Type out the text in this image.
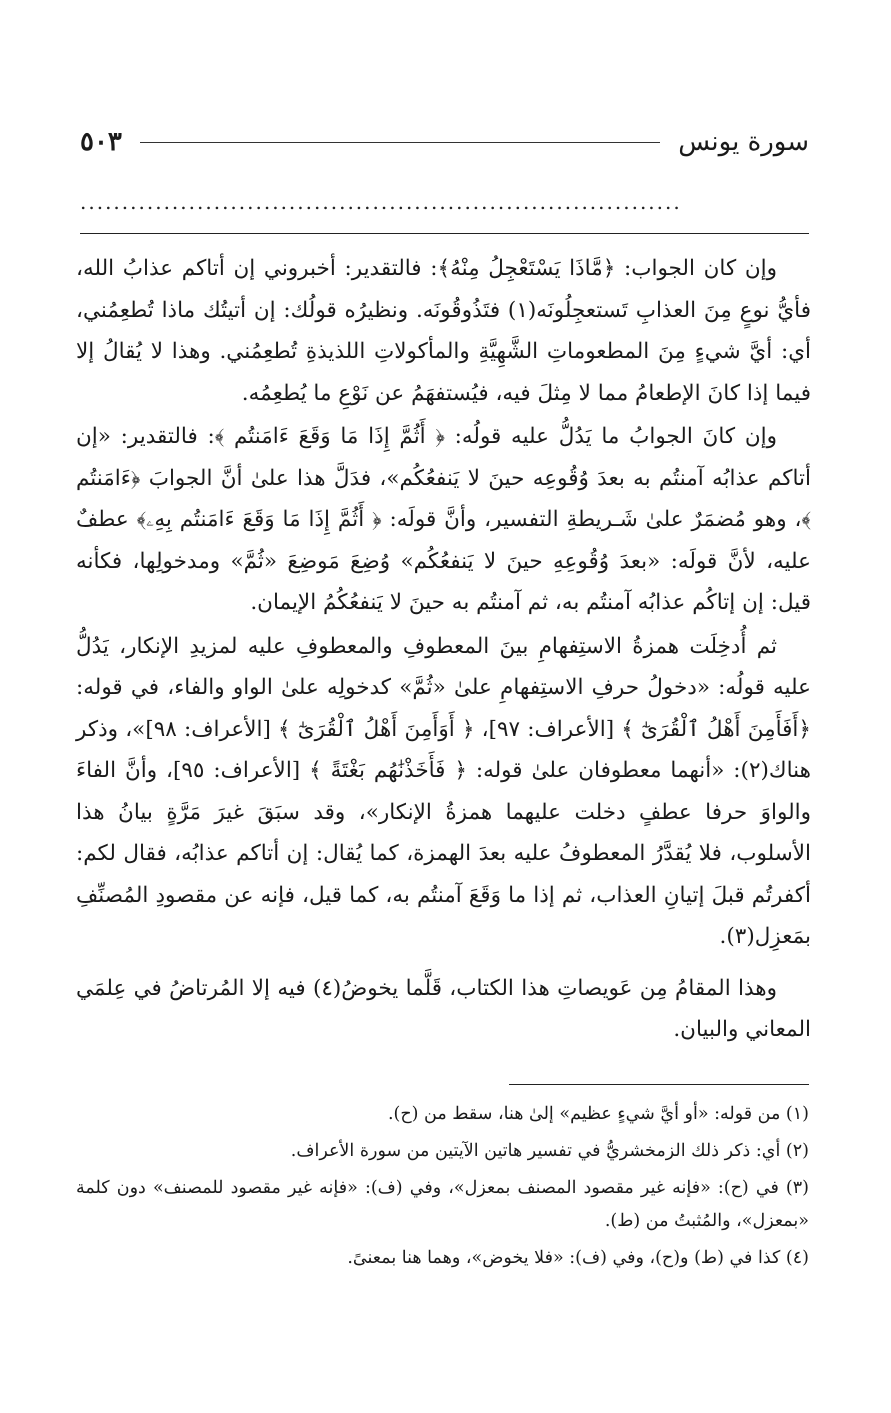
سورة يونس
٥٠٣
........................................................................

وإن كان الجواب: ﴿مَّاذَا يَسْتَعْجِلُ مِنْهُ﴾: فالتقدير: أخبروني إن أتاكم عذابُ الله، فأيُّ نوعٍ مِنَ العذابِ تَستعجِلُونَه(١) فتَذُوقُونَه. ونظيرُه قولُك: إن أتيتُك ماذا تُطعِمُني، أي: أيَّ شيءٍ مِنَ المطعوماتِ الشَّهِيَّةِ والمأكولاتِ اللذيذةِ تُطعِمُني. وهذا لا يُقالُ إلا فيما إذا كانَ الإطعامُ مما لا مِثلَ فيه، فيُستفهَمُ عن نَوْعِ ما يُطعِمُه.

وإن كانَ الجوابُ ما يَدُلُّ عليه قولُه: ﴿ أَثُمَّ إِذَا مَا وَقَعَ ءَامَنتُم ﴾: فالتقدير: «إن أتاكم عذابُه آمنتُم به بعدَ وُقُوعِه حينَ لا يَنفعُكُم»، فدَلَّ هذا علىٰ أنَّ الجوابَ ﴿ءَامَنتُم ﴾، وهو مُضمَرٌ علىٰ شَـريطةِ التفسير، وأنَّ قولَه: ﴿ أَثُمَّ إِذَا مَا وَقَعَ ءَامَنتُم بِهِۦ﴾ عطفٌ عليه، لأنَّ قولَه: «بعدَ وُقُوعِهِ حينَ لا يَنفعُكُم» وُضِعَ مَوضِعَ «ثُمَّ» ومدخولِها، فكأنه قيل: إن إتاكُم عذابُه آمنتُم به، ثم آمنتُم به حينَ لا يَنفعُكُمُ الإيمان.

ثم أُدخِلَت همزةُ الاستِفهامِ بينَ المعطوفِ والمعطوفِ عليه لمزيدِ الإنكار، يَدُلُّ عليه قولُه: «دخولُ حرفِ الاستِفهامِ علىٰ «ثُمَّ» كدخولِه علىٰ الواو والفاء، في قوله: ﴿أَفَأَمِنَ أَهْلُ ٱلْقُرَىٰٓ ﴾ [الأعراف: ٩٧]، ﴿ أَوَأَمِنَ أَهْلُ ٱلْقُرَىٰٓ ﴾ [الأعراف: ٩٨]»، وذكر هناك(٢): «أنهما معطوفان علىٰ قوله: ﴿ فَأَخَذْنَٰهُم بَغْتَةً ﴾ [الأعراف: ٩٥]، وأنَّ الفاءَ والواوَ حرفا عطفٍ دخلت عليهما همزةُ الإنكار»، وقد سبَقَ غيرَ مَرَّةٍ بيانُ هذا الأسلوب، فلا يُقدَّرُ المعطوفُ عليه بعدَ الهمزة، كما يُقال: إن أتاكم عذابُه، فقال لكم: أكفرتُم قبلَ إتيانِ العذاب، ثم إذا ما وَقَعَ آمنتُم به، كما قيل، فإنه عن مقصودِ المُصنِّفِ بمَعزِل(٣).

وهذا المقامُ مِن عَويصاتِ هذا الكتاب، قَلَّما يخوضُ(٤) فيه إلا المُرتاضُ في عِلمَي المعاني والبيان.

(١) من قوله: «أو أيَّ شيءٍ عظيم» إلىٰ هنا، سقط من (ح).
(٢) أي: ذكر ذلك الزمخشريُّ في تفسير هاتين الآيتين من سورة الأعراف.
(٣) في (ح): «فإنه غير مقصود المصنف بمعزل»، وفي (ف): «فإنه غير مقصود للمصنف» دون كلمة «بمعزل»، والمُثبتُ من (ط).
(٤) كذا في (ط) و(ح)، وفي (ف): «فلا يخوض»، وهما هنا بمعنىً.
